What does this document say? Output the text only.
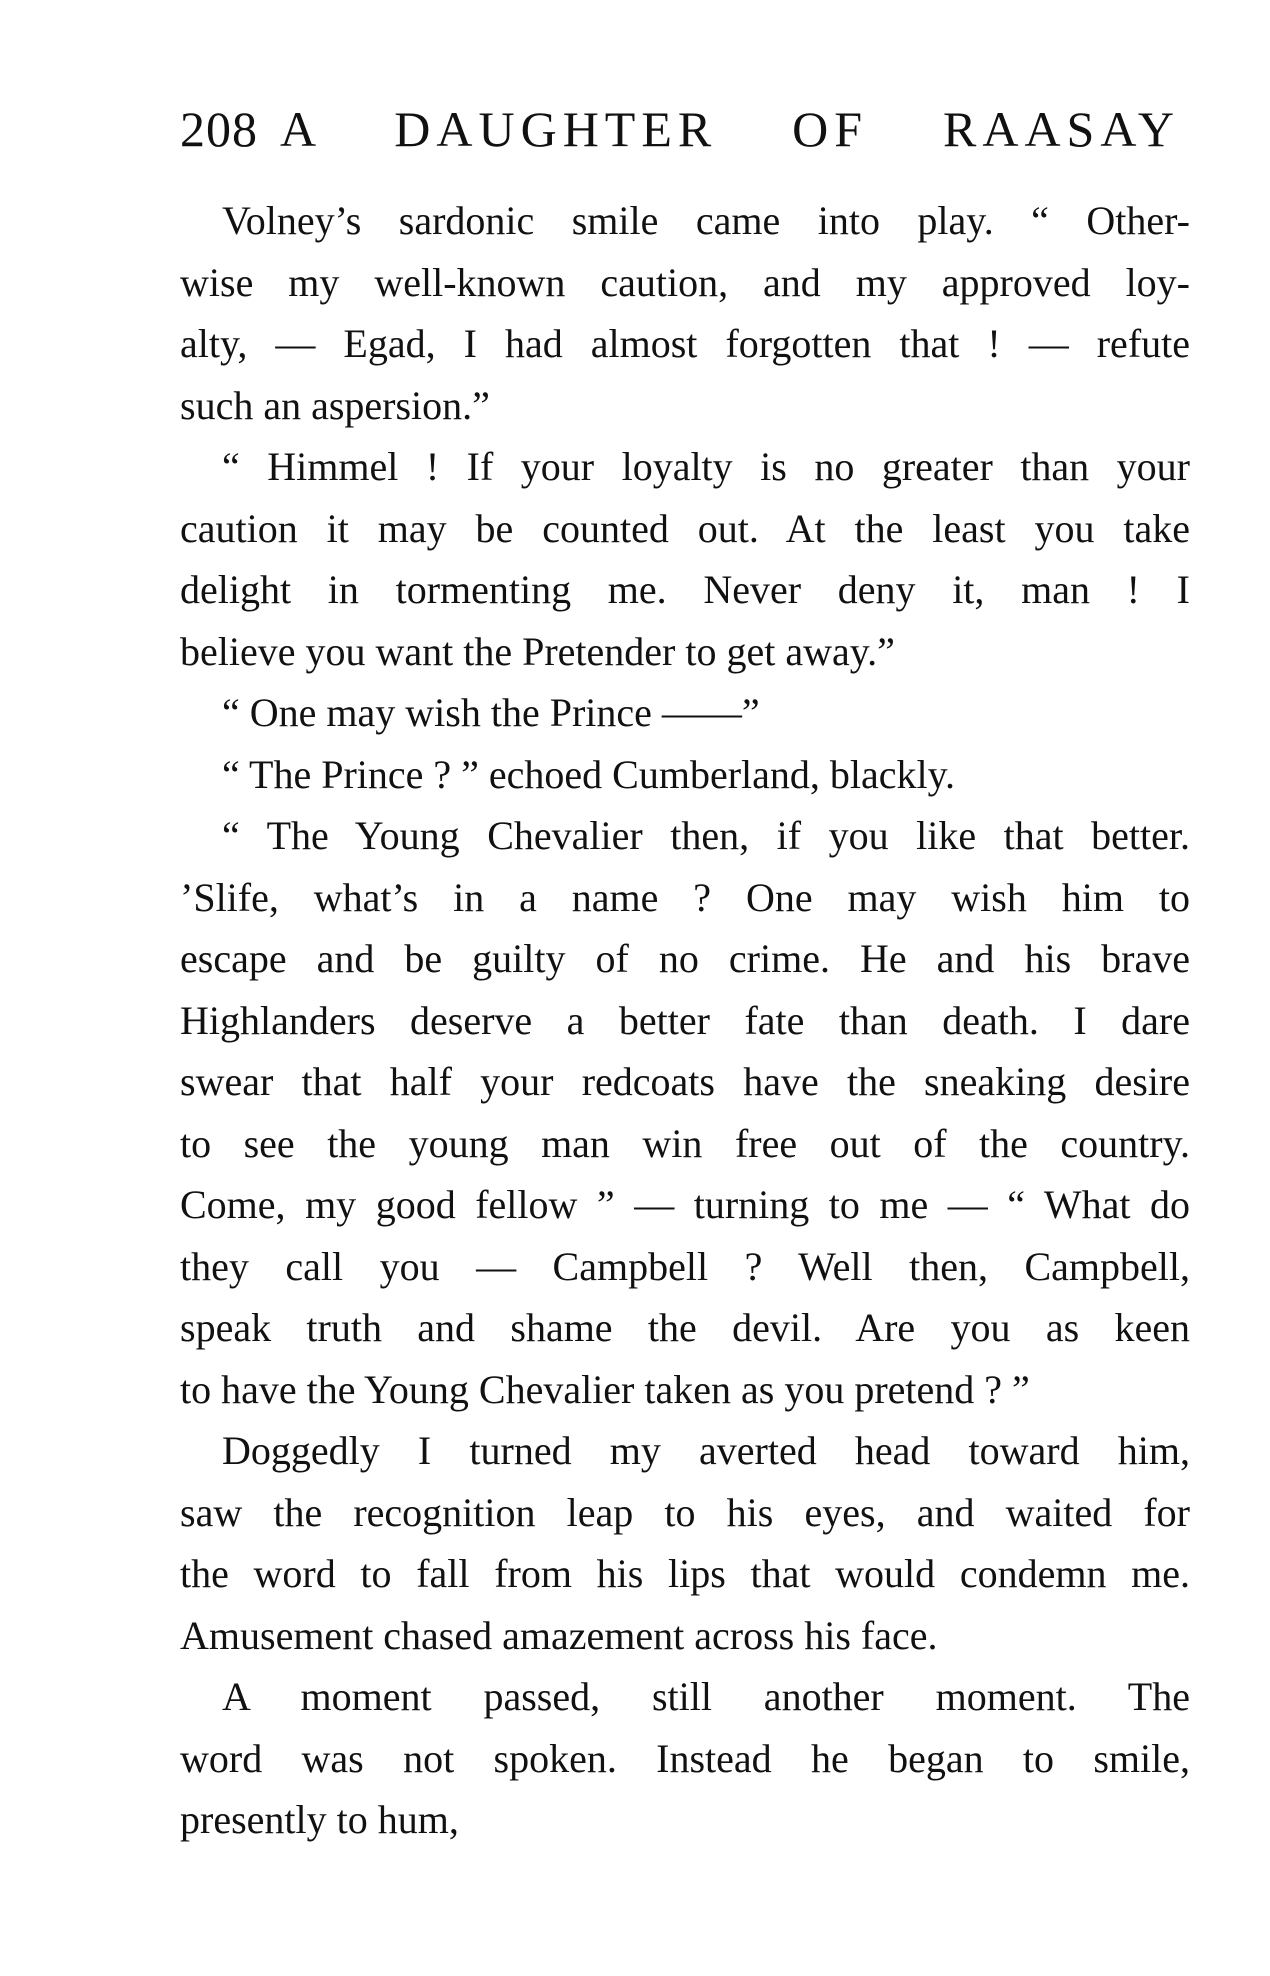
208 A DAUGHTER OF RAASAY
Volney’s sardonic smile came into play. “ Other-
wise my well-known caution, and my approved loy-
alty, — Egad, I had almost forgotten that ! — refute
such an aspersion.”
“ Himmel ! If your loyalty is no greater than your
caution it may be counted out. At the least you take
delight in tormenting me. Never deny it, man ! I
believe you want the Pretender to get away.”
“ One may wish the Prince ——”
“ The Prince ? ” echoed Cumberland, blackly.
“ The Young Chevalier then, if you like that better.
’Slife, what’s in a name ? One may wish him to
escape and be guilty of no crime. He and his brave
Highlanders deserve a better fate than death. I dare
swear that half your redcoats have the sneaking desire
to see the young man win free out of the country.
Come, my good fellow ” — turning to me — “ What do
they call you — Campbell ? Well then, Campbell,
speak truth and shame the devil. Are you as keen
to have the Young Chevalier taken as you pretend ? ”
Doggedly I turned my averted head toward him,
saw the recognition leap to his eyes, and waited for
the word to fall from his lips that would condemn me.
Amusement chased amazement across his face.
A moment passed, still another moment. The
word was not spoken. Instead he began to smile,
presently to hum,
